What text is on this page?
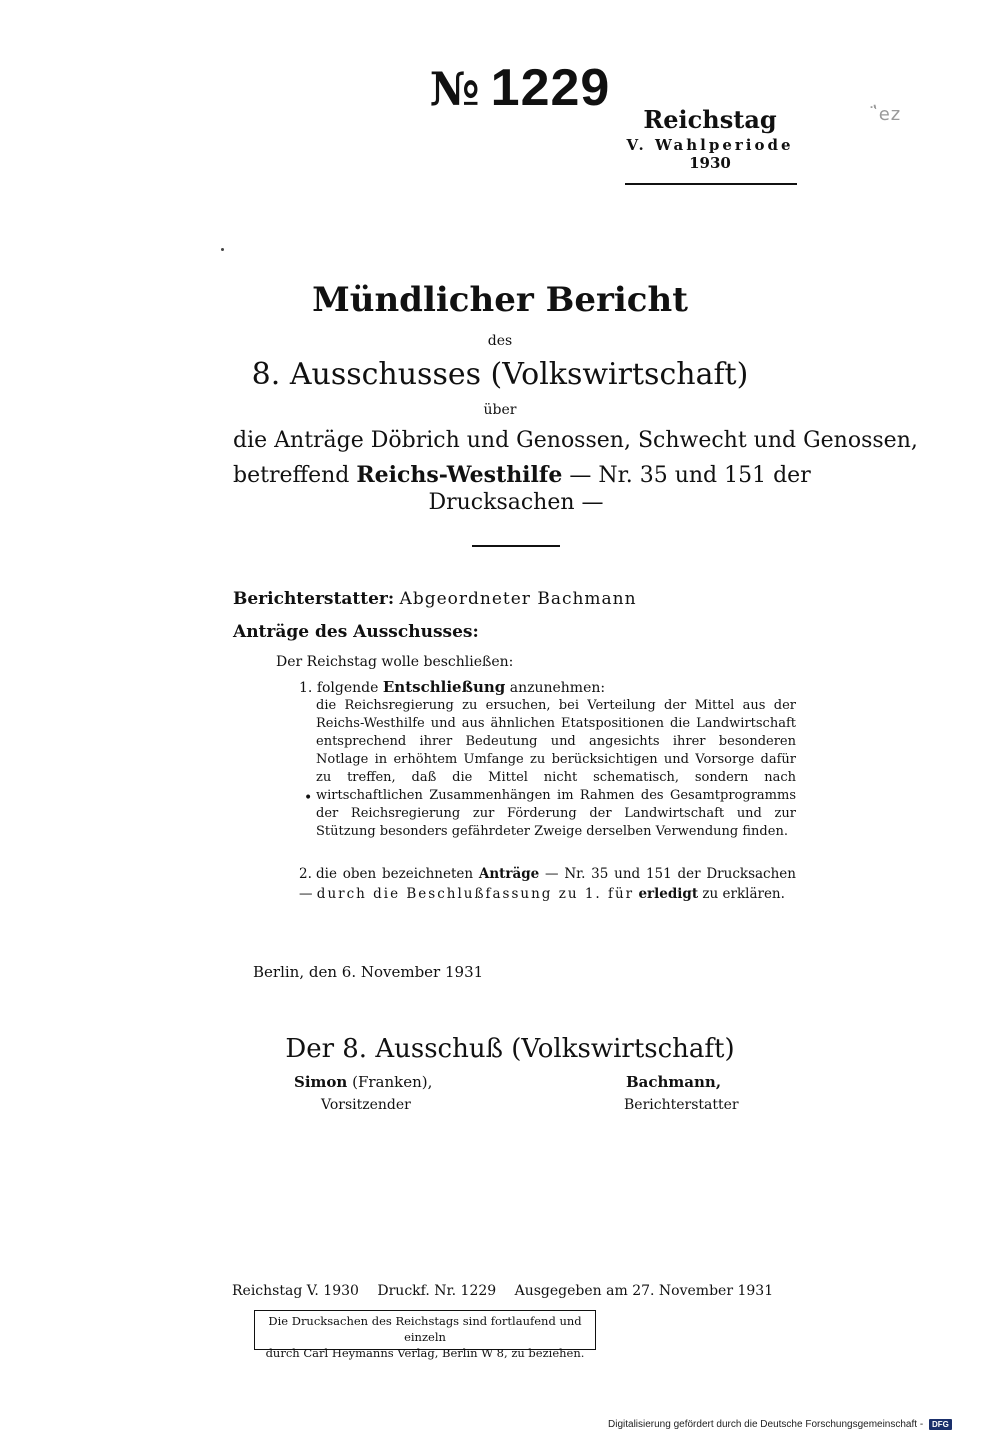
№ 1229	ʽ̈ez
Reichstag
V. Wahlperiode
1930
Mündlicher Bericht
des
8. Ausschusses (Volkswirtschaft)
über
die Anträge Döbrich und Genossen, Schwecht und Genossen,
betreffend Reichs-Westhilfe — Nr. 35 und 151 der
Drucksachen —
Berichterstatter: Abgeordneter Bachmann
Anträge des Ausschusses:
Der Reichstag wolle beschließen:
1. folgende Entschließung anzunehmen:
die Reichsregierung zu ersuchen, bei Verteilung der Mittel aus der Reichs-Westhilfe und aus ähnlichen Etatspositionen die Landwirtschaft entsprechend ihrer Bedeutung und angesichts ihrer besonderen Notlage in erhöhtem Umfange zu berücksichtigen und Vorsorge dafür zu treffen, daß die Mittel nicht schematisch, sondern nach wirtschaftlichen Zusammenhängen im Rahmen des Gesamtprogramms der Reichsregierung zur Förderung der Landwirtschaft und zur Stützung besonders gefährdeter Zweige derselben Verwendung finden.
•
2. die oben bezeichneten Anträge — Nr. 35 und 151 der Drucksachen — durch die Beschlußfassung zu 1. für erledigt zu erklären.
Berlin, den 6. November 1931
Der 8. Ausschuß (Volkswirtschaft)
Simon (Franken),
Vorsitzender
Bachmann,
Berichterstatter
Reichstag V. 1930 Druckf. Nr. 1229 Ausgegeben am 27. November 1931
Die Drucksachen des Reichstags sind fortlaufend und einzeln
durch Carl Heymanns Verlag, Berlin W 8, zu beziehen.
Digitalisierung gefördert durch die Deutsche Forschungsgemeinschaft - DFG
